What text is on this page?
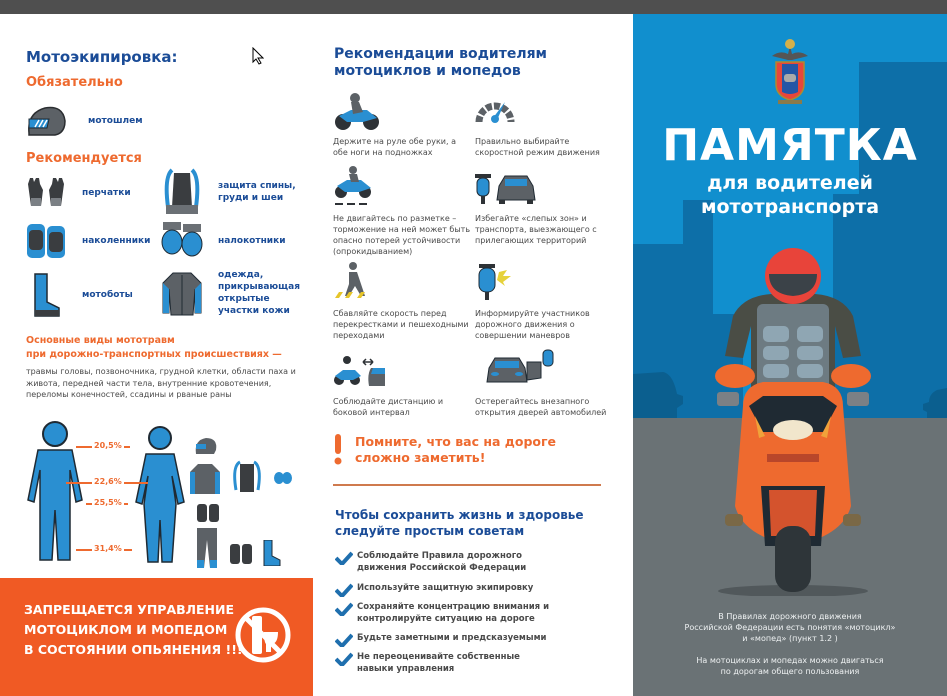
Мотоэкипировка:
Обязательно
мотошлем
Рекомендуется
перчатки
защита спины, груди и шеи
наколенники	налокотники
мотоботы
одежда, прикрывающая открытые участки кожи
Основные виды мототравм
при дорожно-транспортных происшествиях —
травмы головы, позвоночника, грудной клетки, области паха и живота, передней части тела, внутренние кровотечения, переломы конечностей, ссадины и рваные раны
20,5%
22,6%
25,5%
31,4%
ЗАПРЕЩАЕТСЯ УПРАВЛЕНИЕ
МОТОЦИКЛОМ И МОПЕДОМ
В СОСТОЯНИИ ОПЬЯНЕНИЯ !!!
Рекомендации водителям
мотоциклов и мопедов
Держите на руле обе руки, а обе ноги на подножках
Правильно выбирайте скоростной режим движения
Не двигайтесь по разметке – торможение на ней может быть опасно потерей устойчивости (опрокидыванием)
Избегайте «слепых зон» и транспорта, выезжающего с прилегающих территорий
Сбавляйте скорость перед перекрестками и пешеходными переходами
Информируйте участников дорожного движения о совершении маневров
Соблюдайте дистанцию и боковой интервал
Остерегайтесь внезапного открытия дверей автомобилей
Помните, что вас на дороге
сложно заметить!
Чтобы сохранить жизнь и здоровье
следуйте простым советам
Соблюдайте Правила дорожного движения Российской Федерации
Используйте защитную экипировку
Сохраняйте концентрацию внимания и контролируйте ситуацию на дороге
Будьте заметными и предсказуемыми
Не переоценивайте собственные навыки управления
ПАМЯТКА
для водителей
мототранспорта
В Правилах дорожного движения
Российской Федерации есть понятия «мотоцикл»
и «мопед» (пункт 1.2 )
На мотоциклах и мопедах можно двигаться
по дорогам общего пользования
